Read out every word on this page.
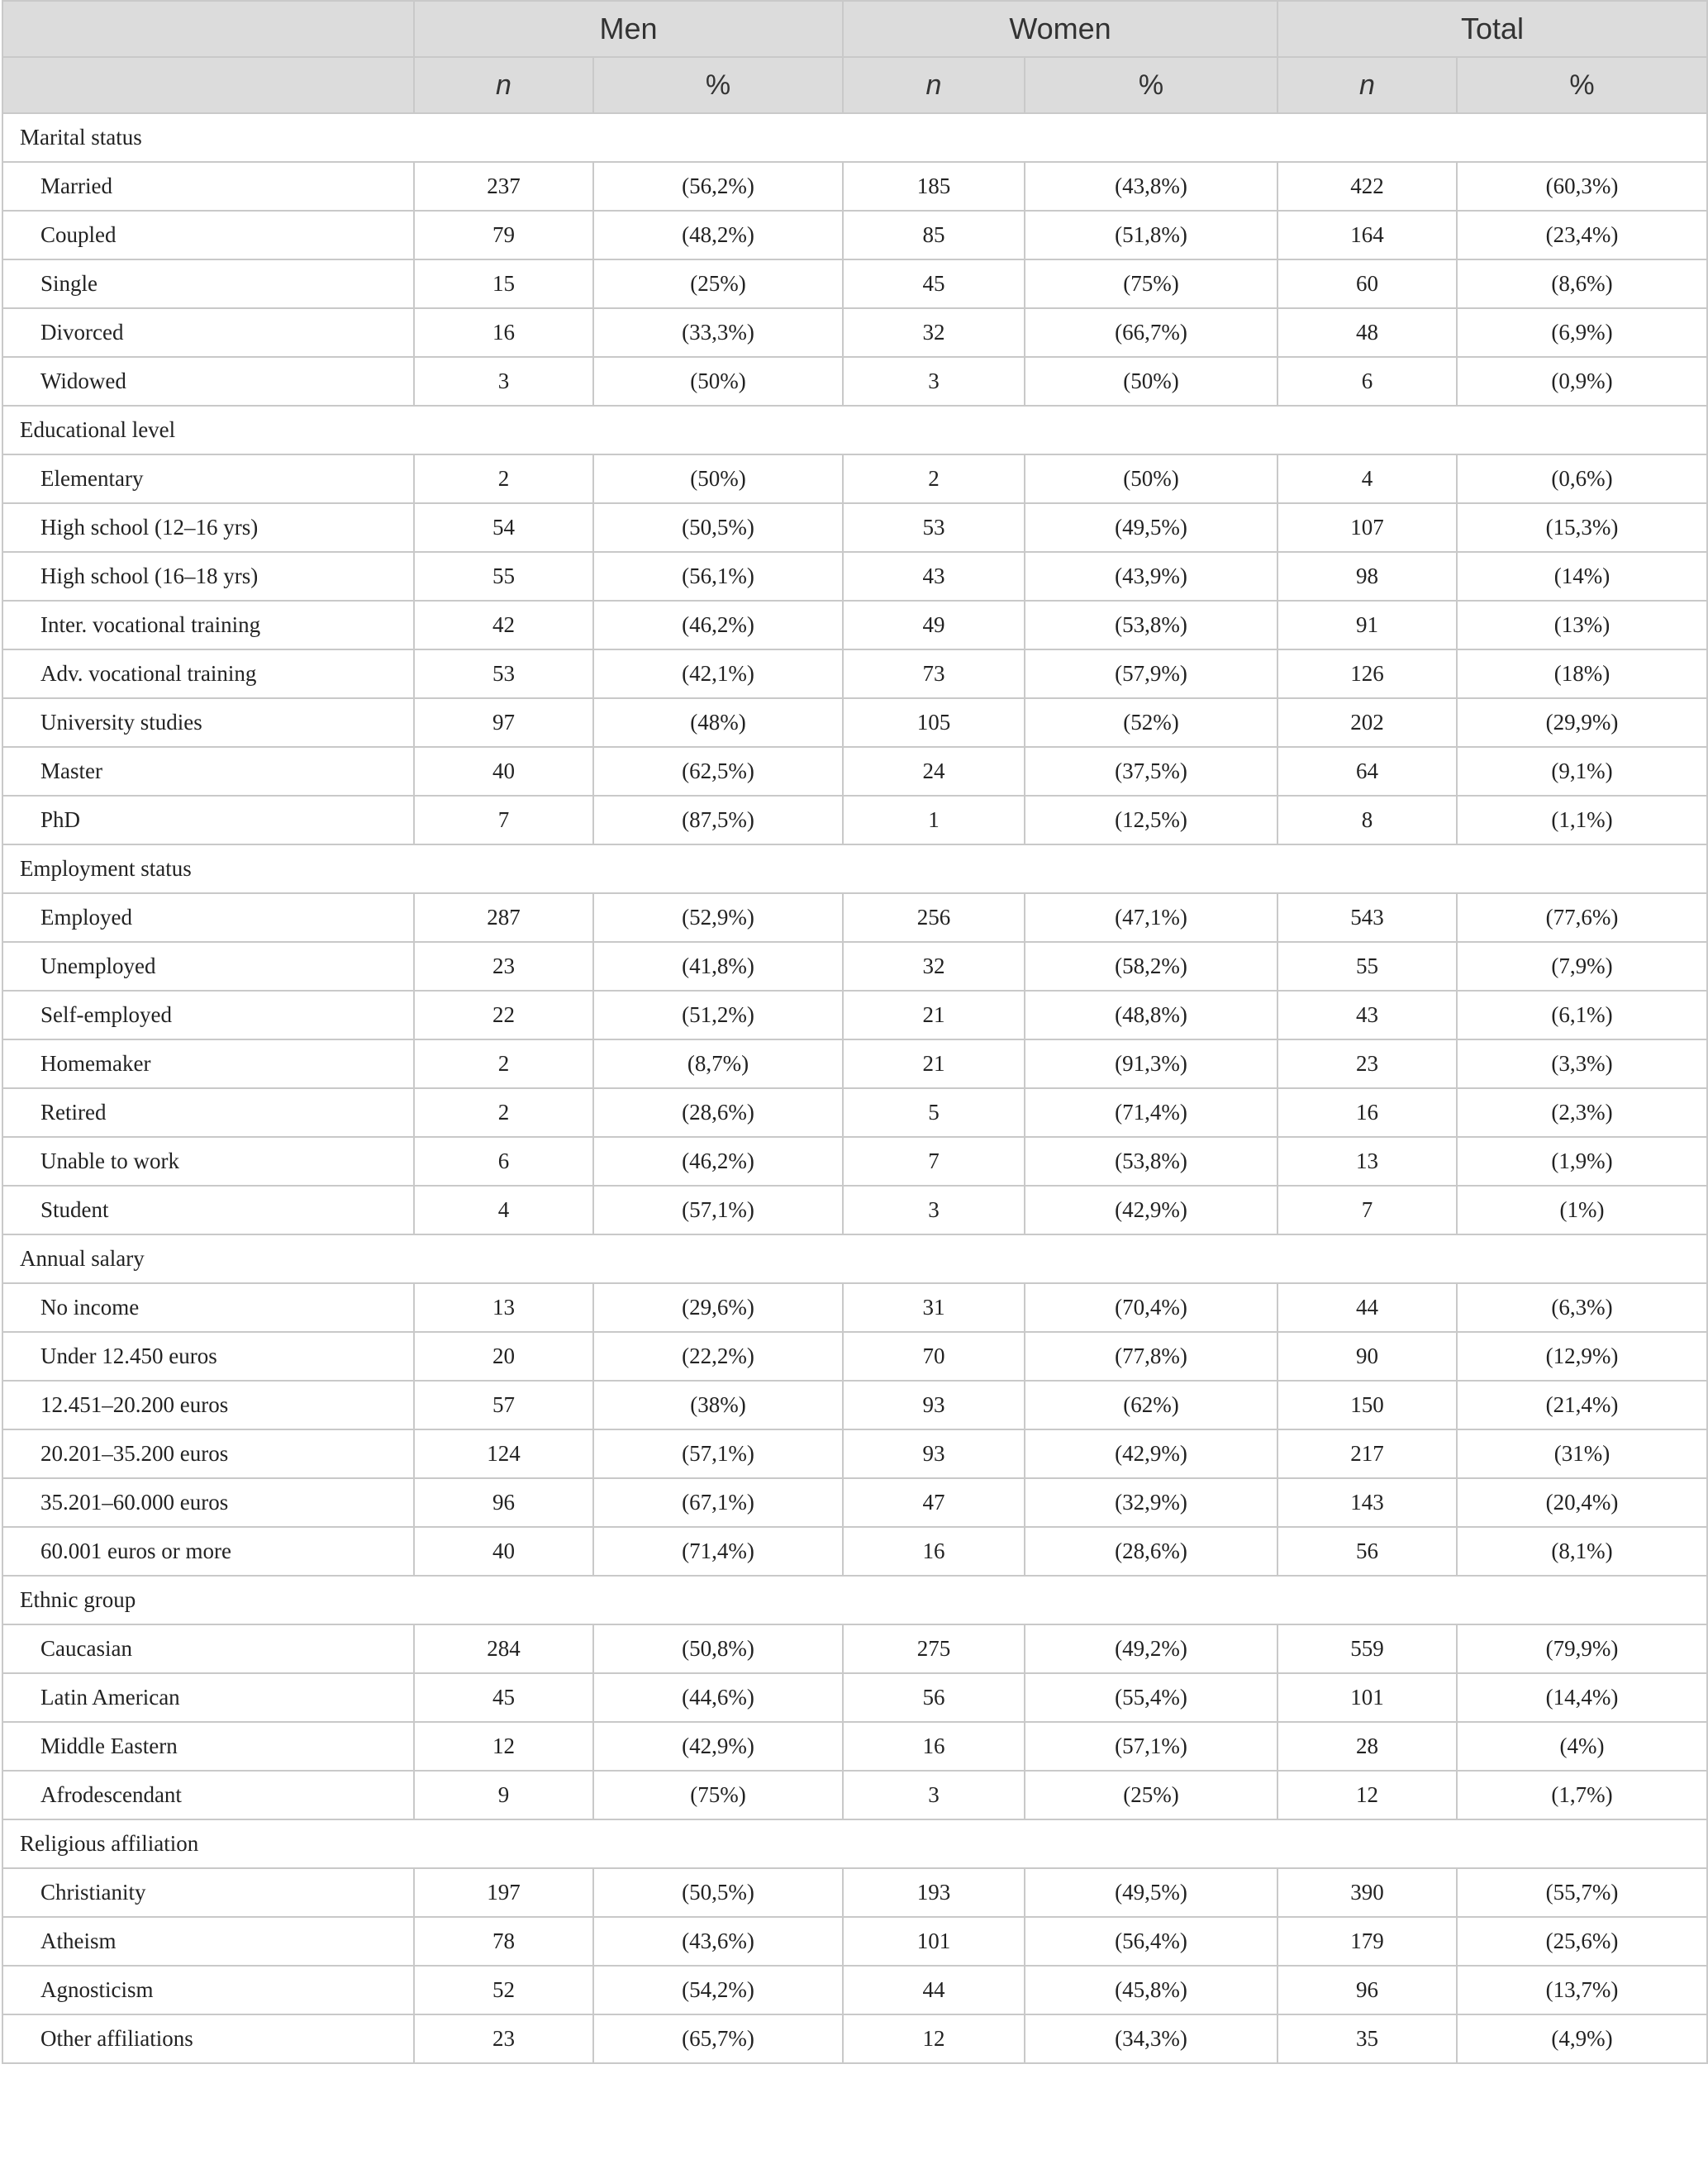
	Men		Women		Total	
	n	%	n	%	n	%
Marital status						
Married	237	(56,2%)	185	(43,8%)	422	(60,3%)
Coupled	79	(48,2%)	85	(51,8%)	164	(23,4%)
Single	15	(25%)	45	(75%)	60	(8,6%)
Divorced	16	(33,3%)	32	(66,7%)	48	(6,9%)
Widowed	3	(50%)	3	(50%)	6	(0,9%)
Educational level						
Elementary	2	(50%)	2	(50%)	4	(0,6%)
High school (12–16 yrs)	54	(50,5%)	53	(49,5%)	107	(15,3%)
High school (16–18 yrs)	55	(56,1%)	43	(43,9%)	98	(14%)
Inter. vocational training	42	(46,2%)	49	(53,8%)	91	(13%)
Adv. vocational training	53	(42,1%)	73	(57,9%)	126	(18%)
University studies	97	(48%)	105	(52%)	202	(29,9%)
Master	40	(62,5%)	24	(37,5%)	64	(9,1%)
PhD	7	(87,5%)	1	(12,5%)	8	(1,1%)
Employment status						
Employed	287	(52,9%)	256	(47,1%)	543	(77,6%)
Unemployed	23	(41,8%)	32	(58,2%)	55	(7,9%)
Self-employed	22	(51,2%)	21	(48,8%)	43	(6,1%)
Homemaker	2	(8,7%)	21	(91,3%)	23	(3,3%)
Retired	2	(28,6%)	5	(71,4%)	16	(2,3%)
Unable to work	6	(46,2%)	7	(53,8%)	13	(1,9%)
Student	4	(57,1%)	3	(42,9%)	7	(1%)
Annual salary						
No income	13	(29,6%)	31	(70,4%)	44	(6,3%)
Under 12.450 euros	20	(22,2%)	70	(77,8%)	90	(12,9%)
12.451–20.200 euros	57	(38%)	93	(62%)	150	(21,4%)
20.201–35.200 euros	124	(57,1%)	93	(42,9%)	217	(31%)
35.201–60.000 euros	96	(67,1%)	47	(32,9%)	143	(20,4%)
60.001 euros or more	40	(71,4%)	16	(28,6%)	56	(8,1%)
Ethnic group						
Caucasian	284	(50,8%)	275	(49,2%)	559	(79,9%)
Latin American	45	(44,6%)	56	(55,4%)	101	(14,4%)
Middle Eastern	12	(42,9%)	16	(57,1%)	28	(4%)
Afrodescendant	9	(75%)	3	(25%)	12	(1,7%)
Religious affiliation						
Christianity	197	(50,5%)	193	(49,5%)	390	(55,7%)
Atheism	78	(43,6%)	101	(56,4%)	179	(25,6%)
Agnosticism	52	(54,2%)	44	(45,8%)	96	(13,7%)
Other affiliations	23	(65,7%)	12	(34,3%)	35	(4,9%)
